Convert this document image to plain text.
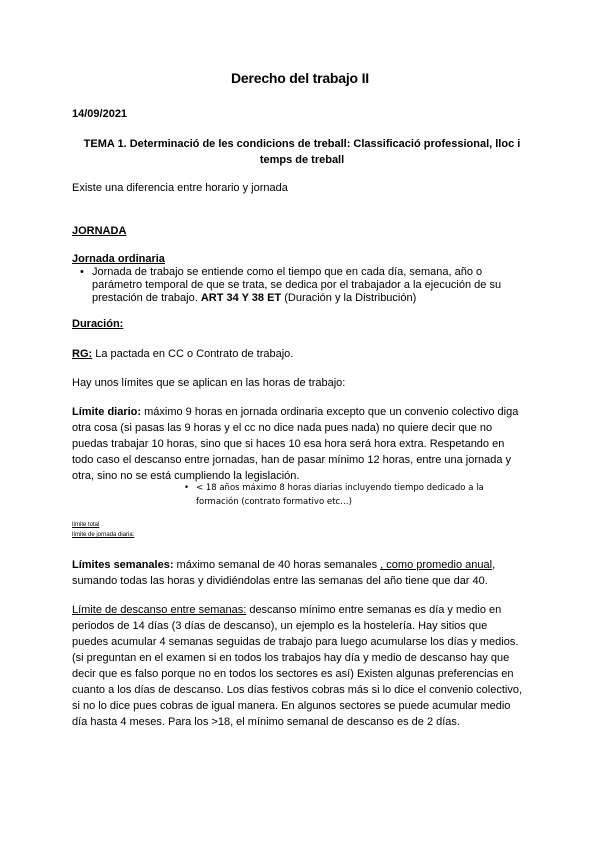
Derecho del trabajo II
14/09/2021
TEMA 1. Determinació de les condicions de treball: Classificació professional, lloc i
temps de treball
Existe una diferencia entre horario y jornada
JORNADA
Jornada ordinaria
• Jornada de trabajo se entiende como el tiempo que en cada día, semana, año o
parámetro temporal de que se trata, se dedica por el trabajador a la ejecución de su
prestación de trabajo. ART 34 Y 38 ET (Duración y la Distribución)
Duración:
RG: La pactada en CC o Contrato de trabajo.
Hay unos límites que se aplican en las horas de trabajo:
Límite diario: máximo 9 horas en jornada ordinaria excepto que un convenio colectivo diga
otra cosa (si pasas las 9 horas y el cc no dice nada pues nada) no quiere decir que no
puedas trabajar 10 horas, sino que si haces 10 esa hora será hora extra. Respetando en
todo caso el descanso entre jornadas, han de pasar mínimo 12 horas, entre una jornada y
otra, sino no se está cumpliendo la legislación.
• < 18 años máximo 8 horas diarias incluyendo tiempo dedicado a la
formación (contrato formativo etc…)
límite total
límite de jornada diaria:
Límites semanales: máximo semanal de 40 horas semanales , como promedio anual,
sumando todas las horas y dividiéndolas entre las semanas del año tiene que dar 40.
Límite de descanso entre semanas: descanso mínimo entre semanas es día y medio en
periodos de 14 días (3 días de descanso), un ejemplo es la hostelería. Hay sitios que
puedes acumular 4 semanas seguidas de trabajo para luego acumularse los días y medios.
(si preguntan en el examen si en todos los trabajos hay día y medio de descanso hay que
decir que es falso porque no en todos los sectores es así) Existen algunas preferencias en
cuanto a los días de descanso. Los días festivos cobras más si lo dice el convenio colectivo,
si no lo dice pues cobras de igual manera. En algunos sectores se puede acumular medio
día hasta 4 meses. Para los >18, el mínimo semanal de descanso es de 2 días.
